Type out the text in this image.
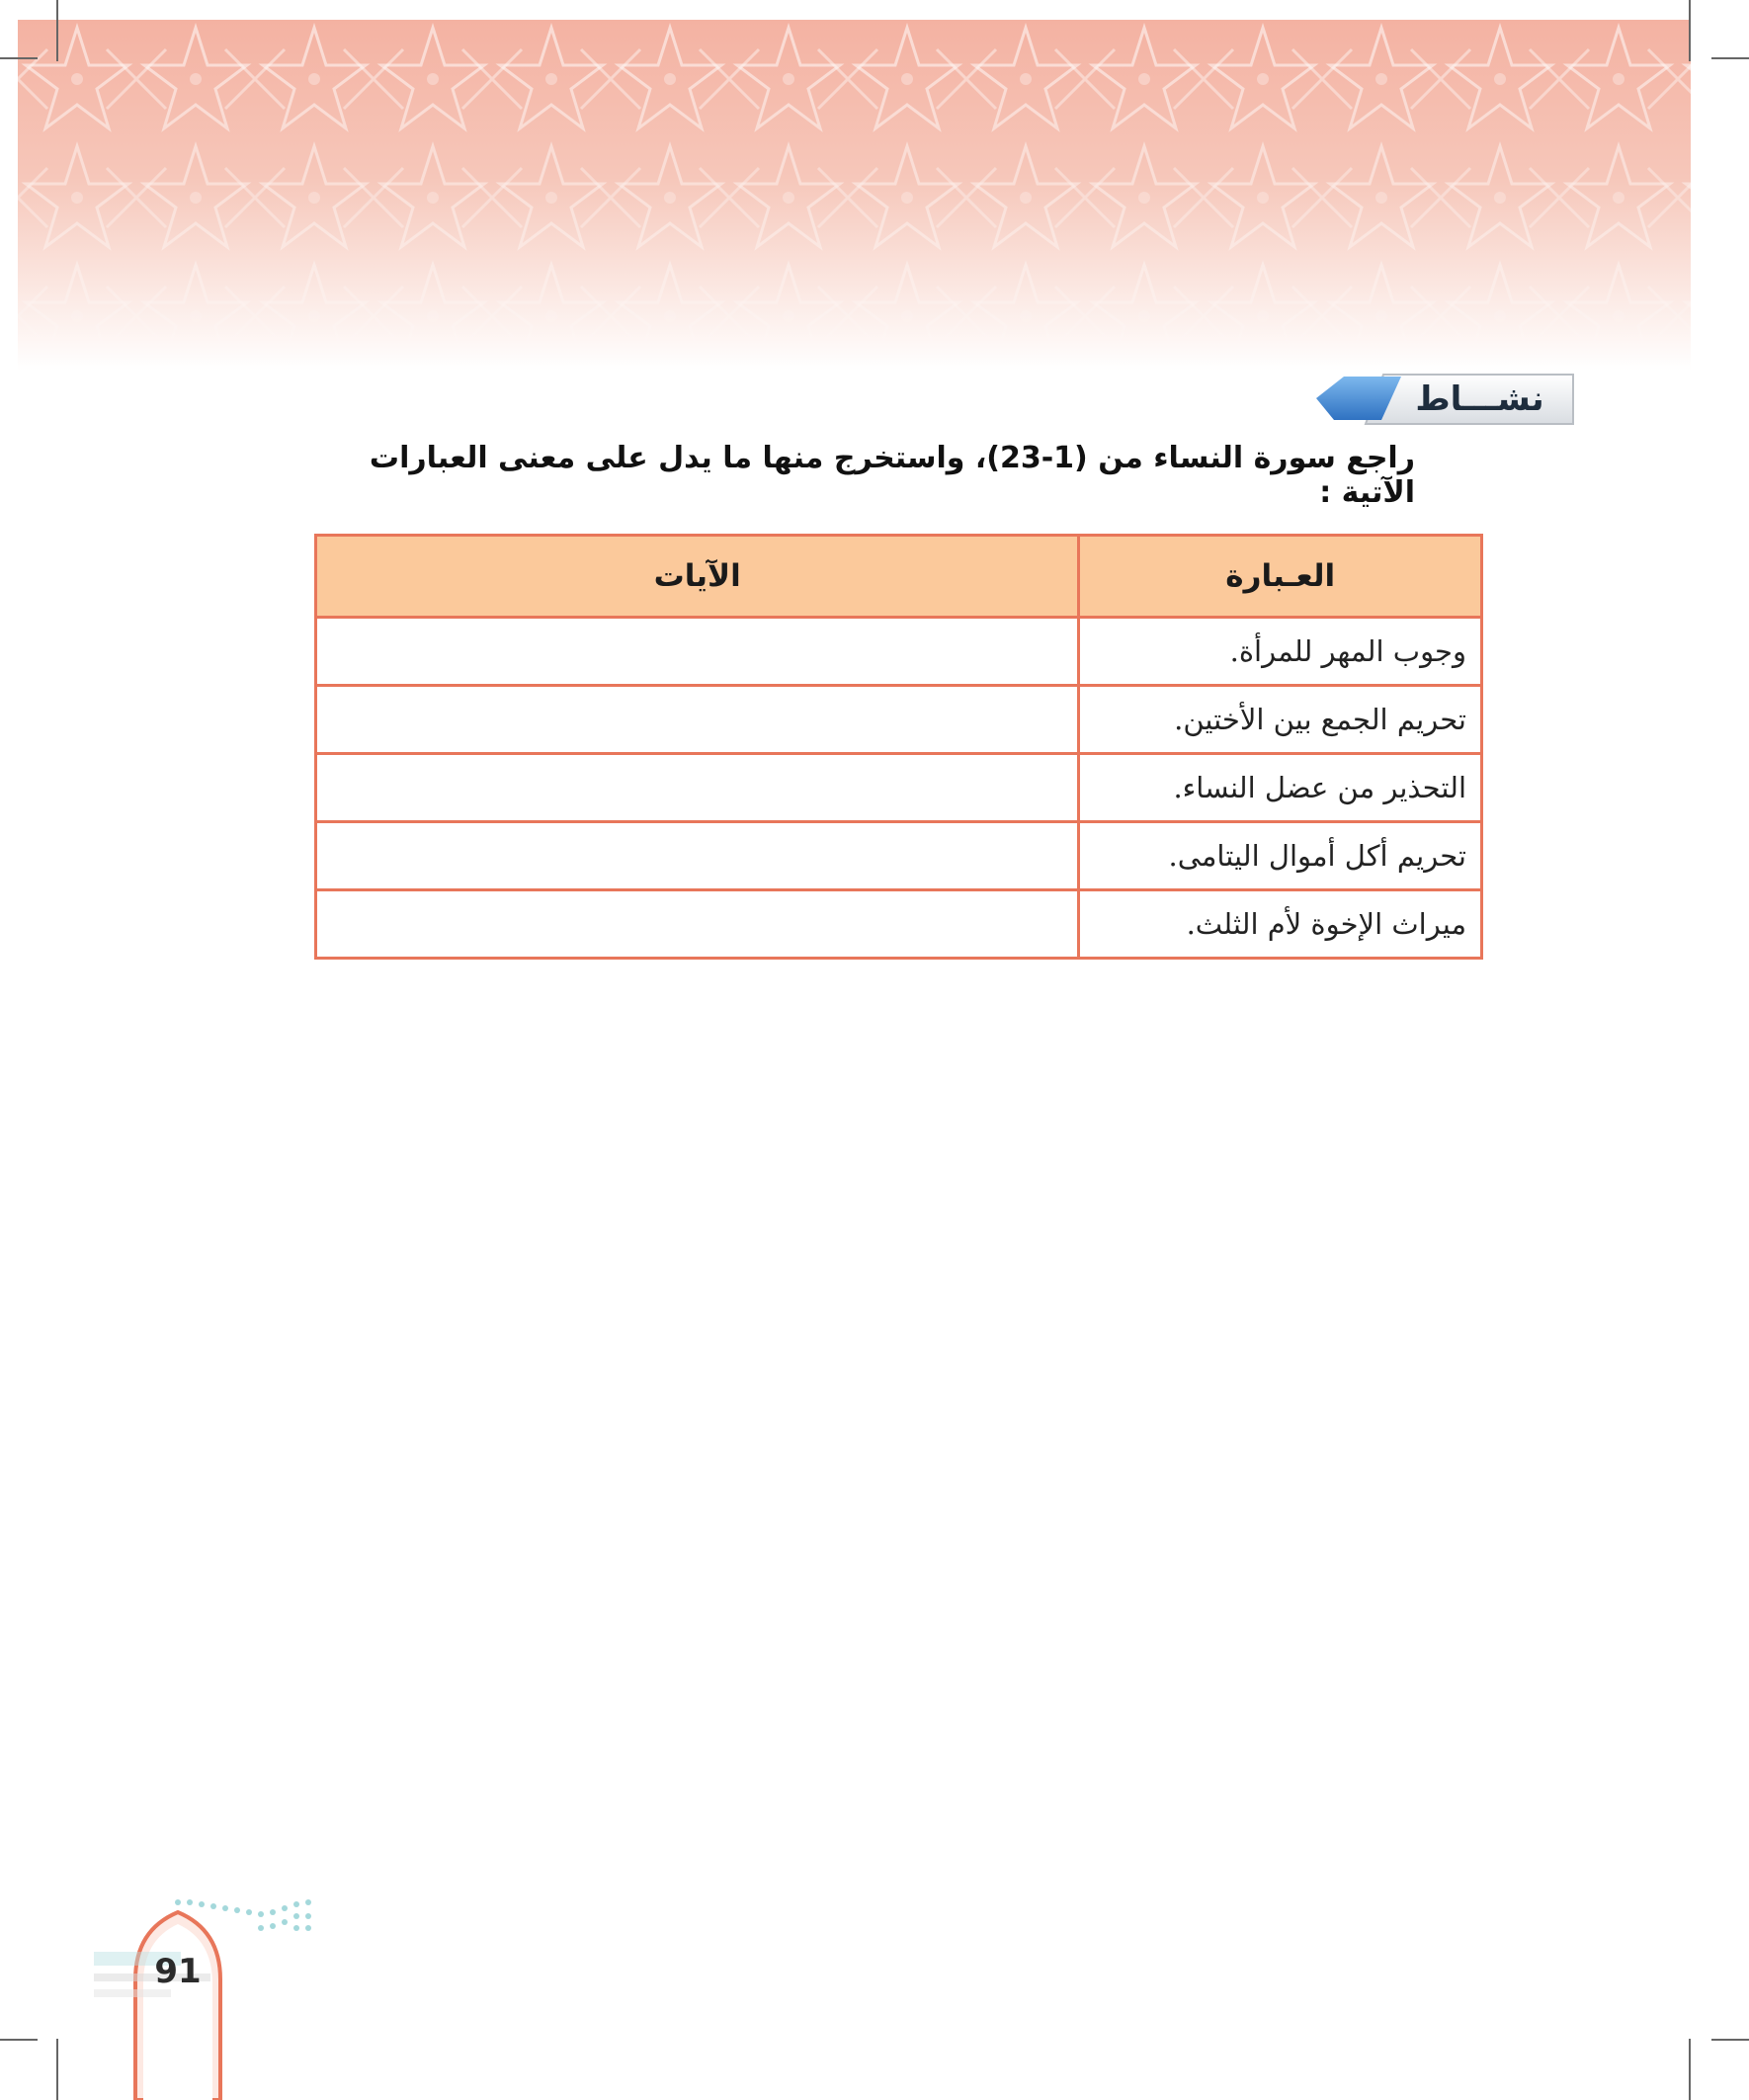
نشـــاط
راجع سورة النساء من (1-23)، واستخرج منها ما يدل على معنى العبارات الآتية :
العـبارة	الآيات
وجوب المهر للمرأة.	
تحريم الجمع بين الأختين.	
التحذير من عضل النساء.	
تحريم أكل أموال اليتامى.	
ميراث الإخوة لأم الثلث.	
91
